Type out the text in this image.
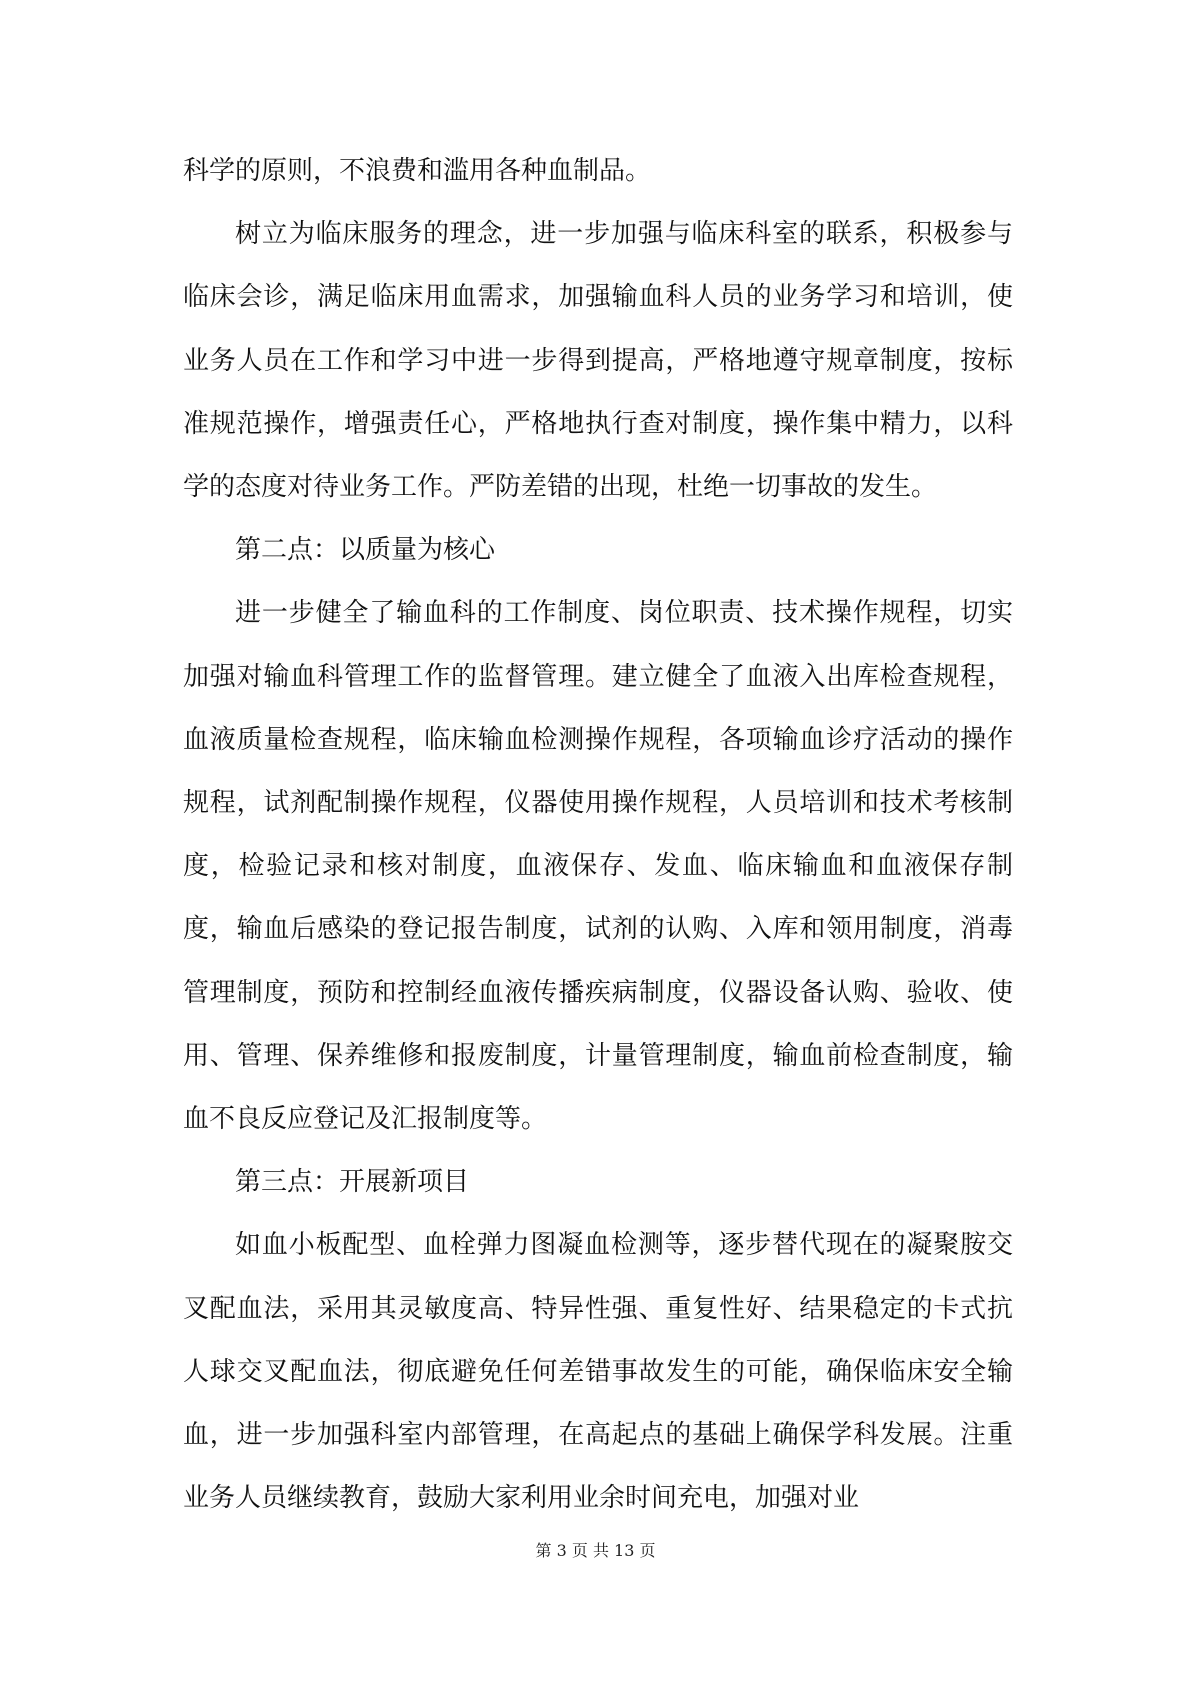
科学的原则，不浪费和滥用各种血制品。

树立为临床服务的理念，进一步加强与临床科室的联系，积极参与临床会诊，满足临床用血需求，加强输血科人员的业务学习和培训，使业务人员在工作和学习中进一步得到提高，严格地遵守规章制度，按标准规范操作，增强责任心，严格地执行查对制度，操作集中精力，以科学的态度对待业务工作。严防差错的出现，杜绝一切事故的发生。

第二点：以质量为核心

进一步健全了输血科的工作制度、岗位职责、技术操作规程，切实加强对输血科管理工作的监督管理。建立健全了血液入出库检查规程，血液质量检查规程，临床输血检测操作规程，各项输血诊疗活动的操作规程，试剂配制操作规程，仪器使用操作规程，人员培训和技术考核制度，检验记录和核对制度，血液保存、发血、临床输血和血液保存制度，输血后感染的登记报告制度，试剂的认购、入库和领用制度，消毒管理制度，预防和控制经血液传播疾病制度，仪器设备认购、验收、使用、管理、保养维修和报废制度，计量管理制度，输血前检查制度，输血不良反应登记及汇报制度等。

第三点：开展新项目

如血小板配型、血栓弹力图凝血检测等，逐步替代现在的凝聚胺交叉配血法，采用其灵敏度高、特异性强、重复性好、结果稳定的卡式抗人球交叉配血法，彻底避免任何差错事故发生的可能，确保临床安全输血，进一步加强科室内部管理，在高起点的基础上确保学科发展。注重业务人员继续教育，鼓励大家利用业余时间充电，加强对业

第 3 页 共 13 页
